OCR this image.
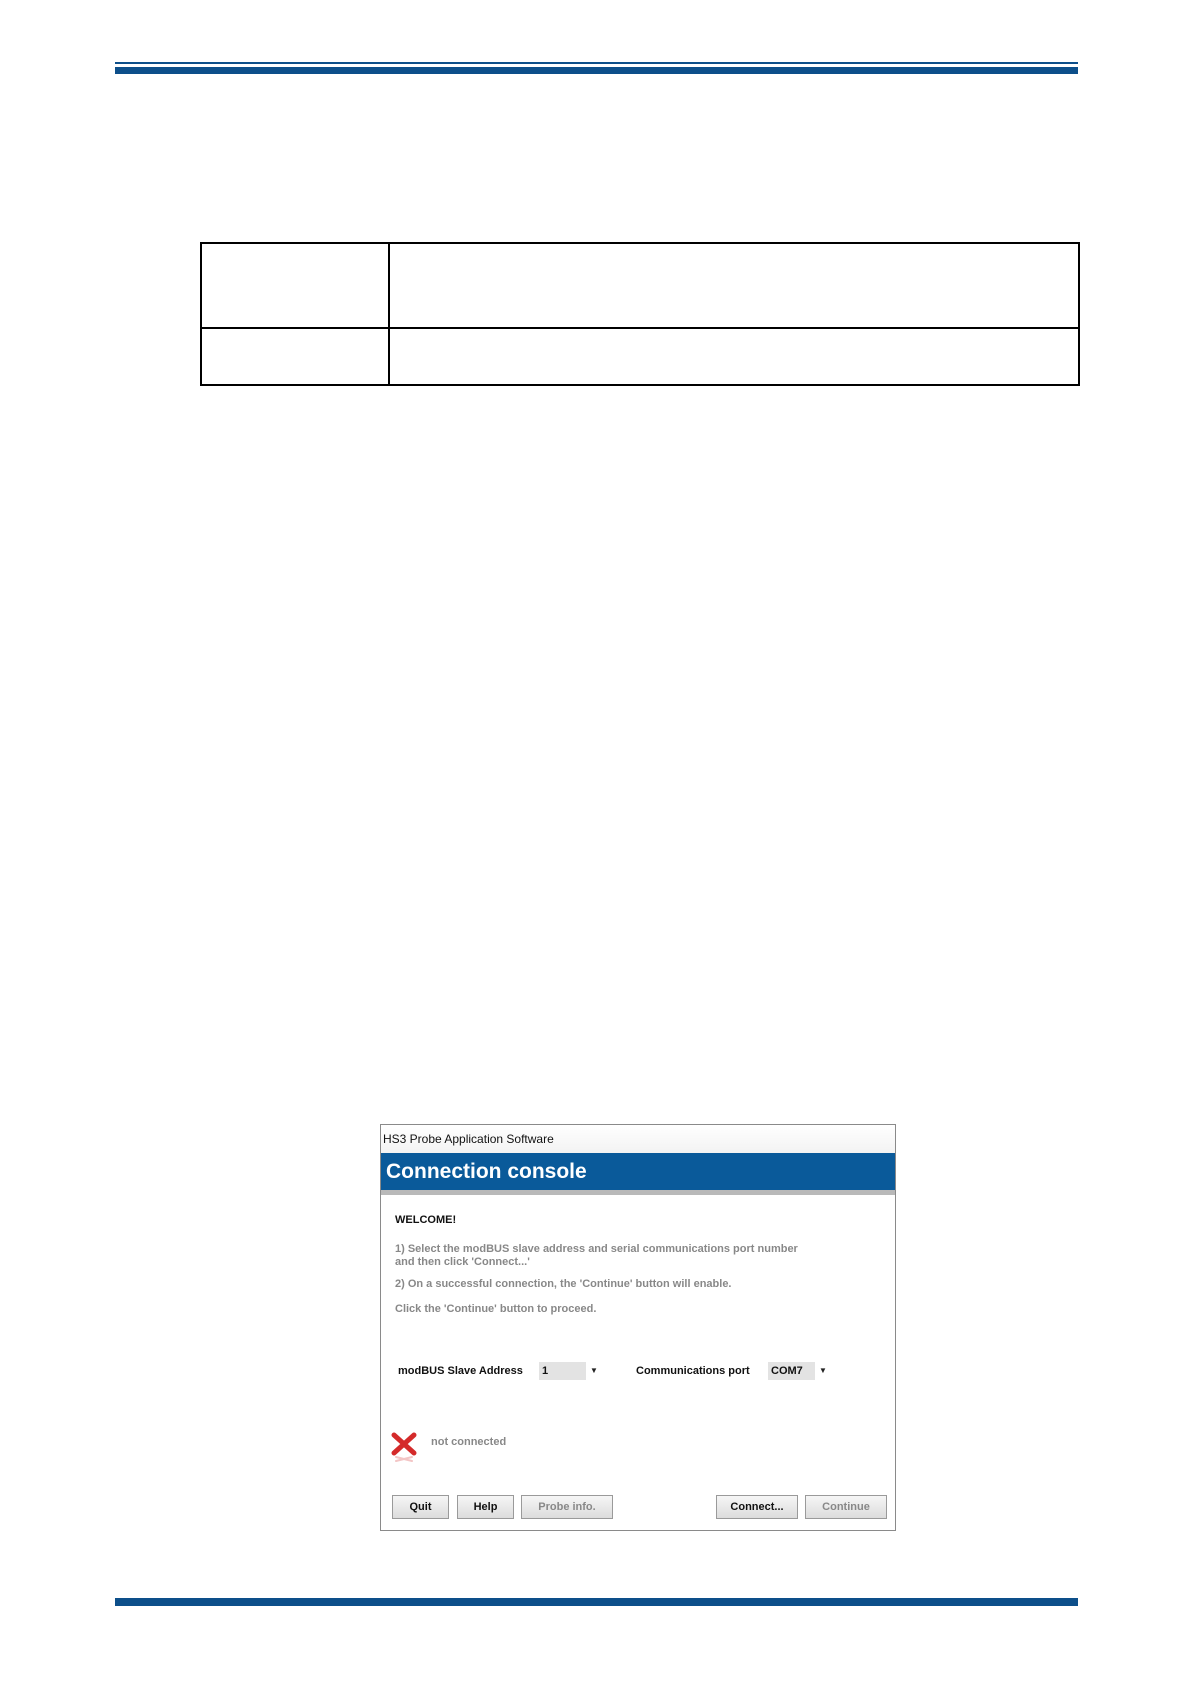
HS3 Probe Application Software
Connection console
WELCOME!
1) Select the modBUS slave address and serial communications port number and then click 'Connect...'
2) On a successful connection, the 'Continue' button will enable.
Click the 'Continue' button to proceed.
modBUS Slave Address 1	▼	Communications port COM7	▼
not connected
Quit	Help	Probe info.	Connect...	Continue
